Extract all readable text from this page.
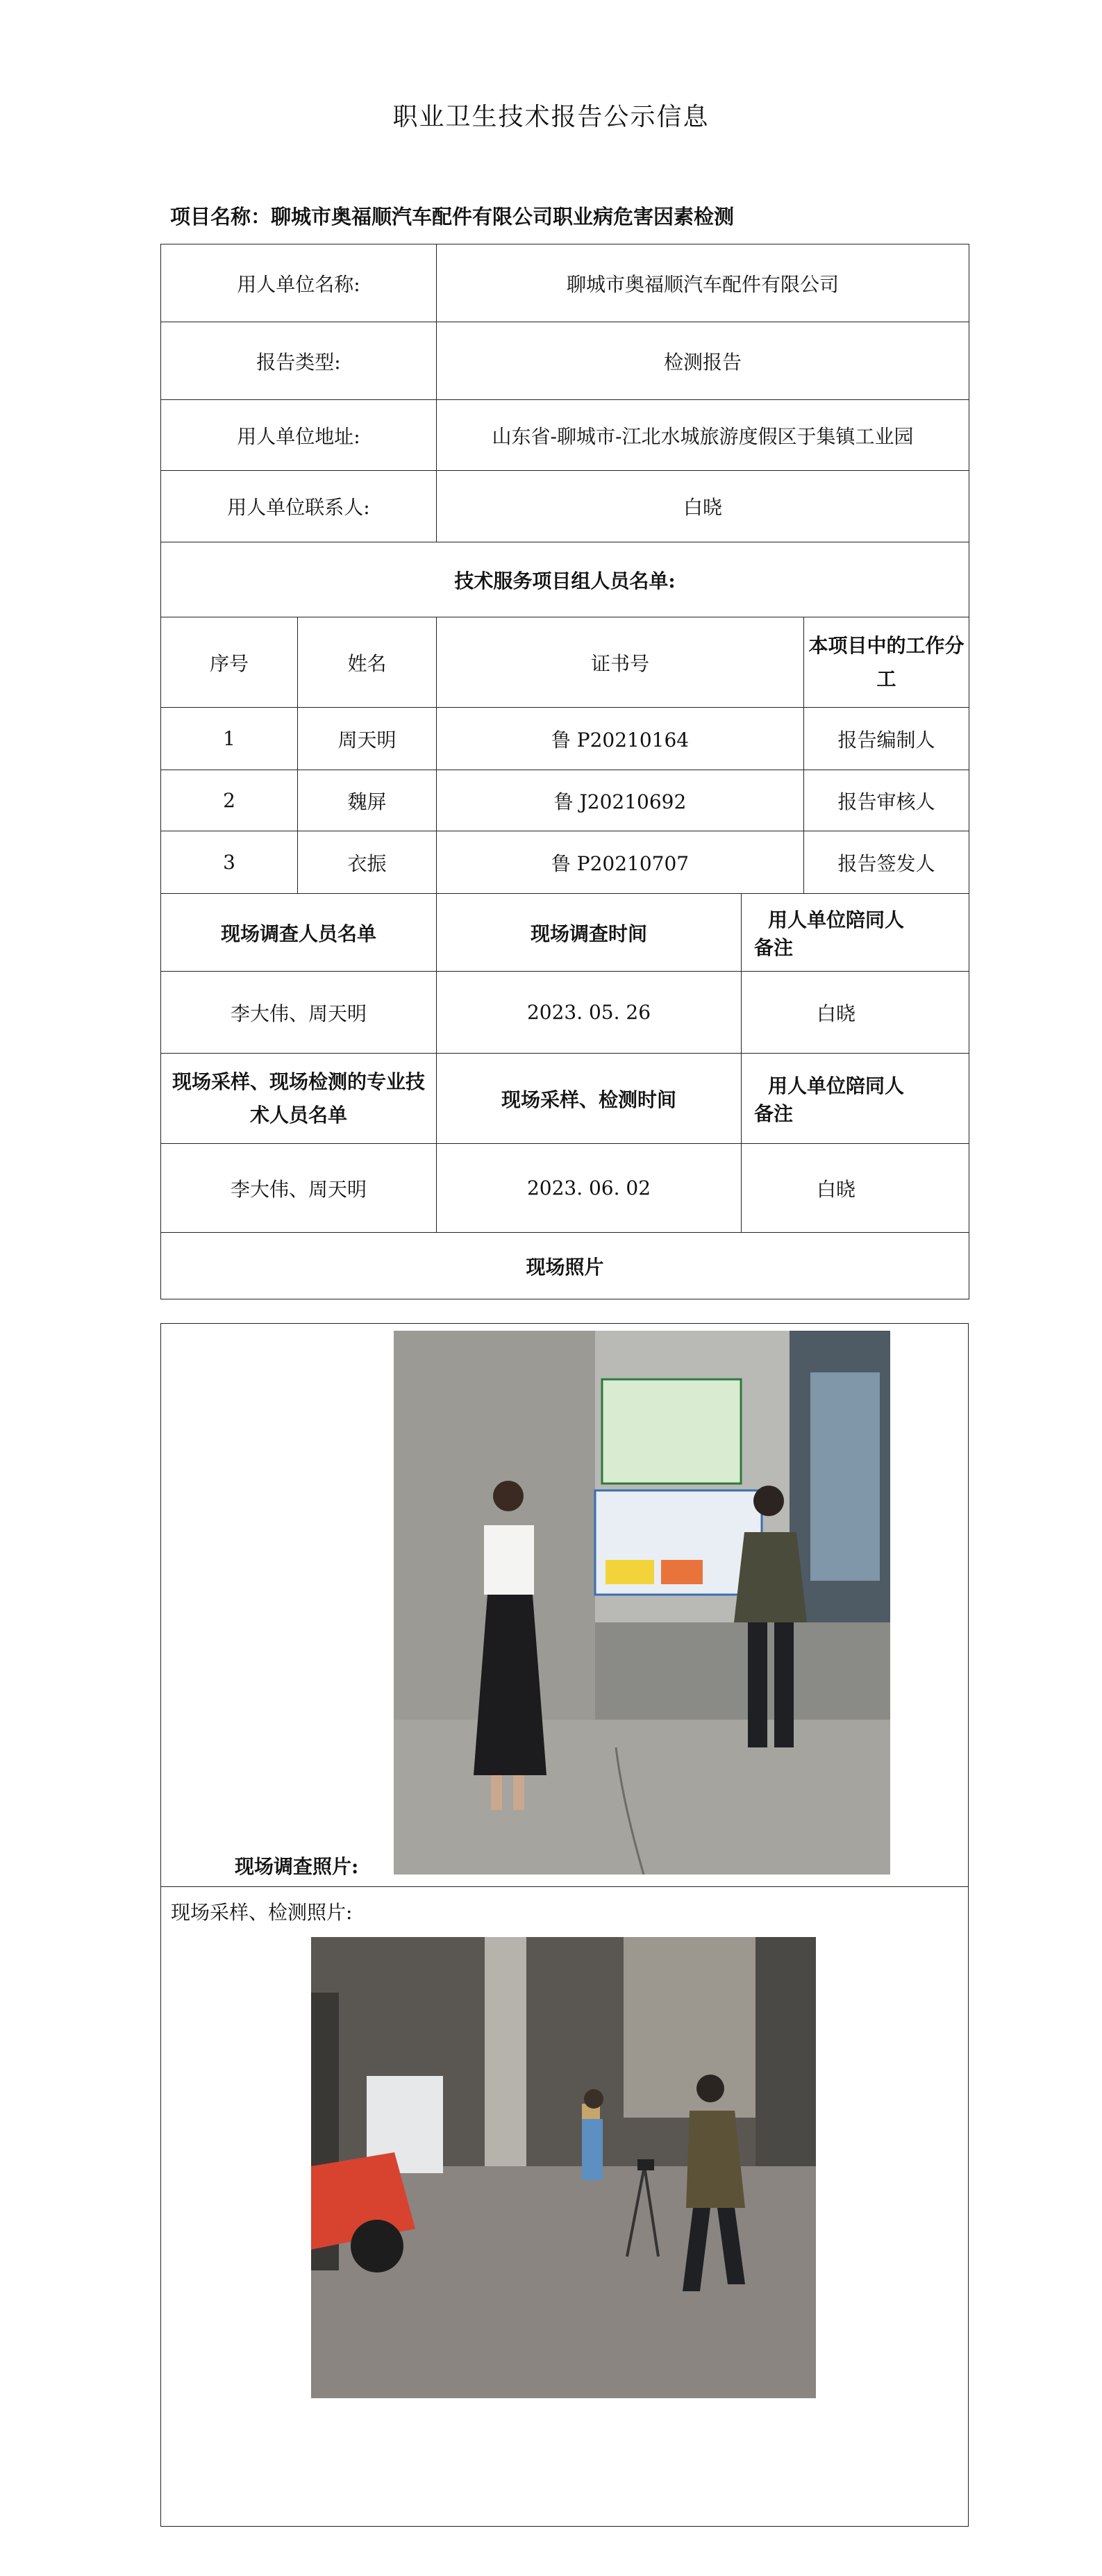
职业卫生技术报告公示信息
项目名称：聊城市奥福顺汽车配件有限公司职业病危害因素检测
用人单位名称:		聊城市奥福顺汽车配件有限公司		
报告类型:		检测报告		
用人单位地址:		山东省-聊城市-江北水城旅游度假区于集镇工业园		
用人单位联系人:		白晓		
技术服务项目组人员名单:				
序号	姓名	证书号		本项目中的工作分工
1	周天明	鲁 P20210164		报告编制人
2	魏屏	鲁 J20210692		报告审核人
3	衣振	鲁 P20210707		报告签发人
现场调查人员名单		现场调查时间	用人单位陪同人备注	
李大伟、周天明		2023. 05. 26	白晓	
现场采样、现场检测的专业技术人员名单		现场采样、检测时间	用人单位陪同人备注	
李大伟、周天明		2023. 06. 02	白晓	
现场照片				
现场调查照片:
现场采样、检测照片:
